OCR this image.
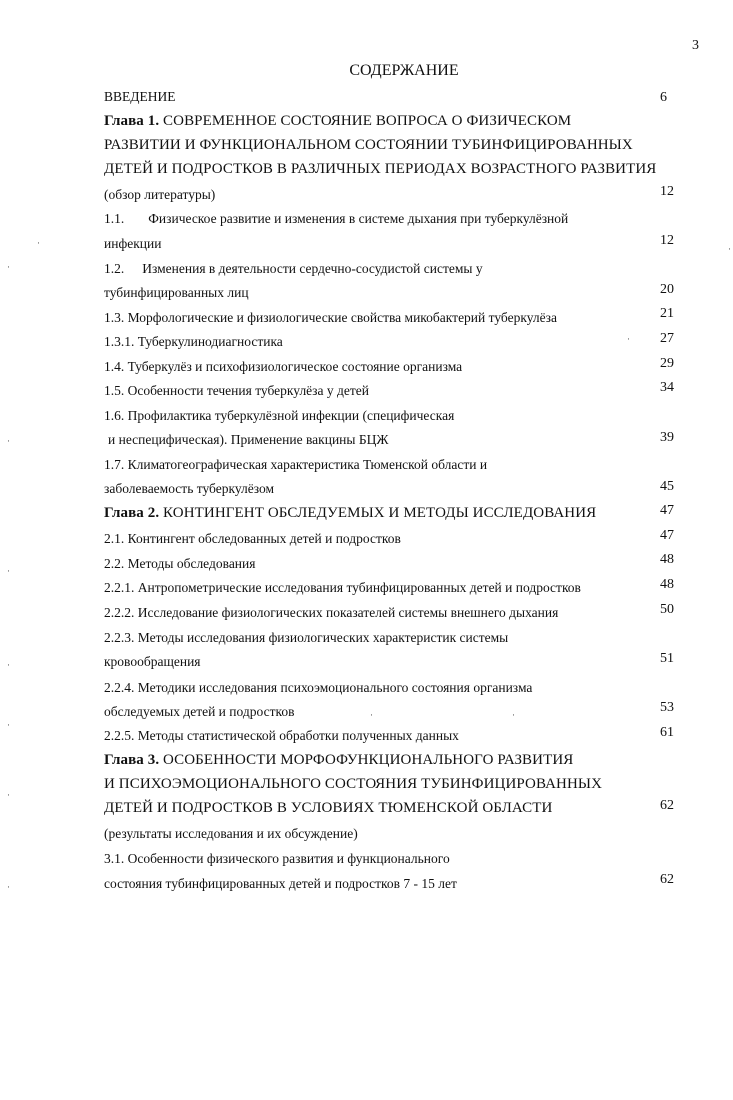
3
СОДЕРЖАНИЕ
ВВЕДЕНИЕ	6
Глава 1. СОВРЕМЕННОЕ СОСТОЯНИЕ ВОПРОСА О ФИЗИЧЕСКОМ
РАЗВИТИИ И ФУНКЦИОНАЛЬНОМ СОСТОЯНИИ ТУБИНФИЦИРОВАННЫХ
ДЕТЕЙ И ПОДРОСТКОВ В РАЗЛИЧНЫХ ПЕРИОДАХ ВОЗРАСТНОГО РАЗВИТИЯ
(обзор литературы)	12
1.1. Физическое развитие и изменения в системе дыхания при туберкулёзной
инфекции	12
1.2. Изменения в деятельности сердечно-сосудистой системы у
тубинфицированных лиц	20
1.3. Морфологические и физиологические свойства микобактерий туберкулёза	21
1.3.1. Туберкулинодиагностика	27
1.4. Туберкулёз и психофизиологическое состояние организма	29
1.5. Особенности течения туберкулёза у детей	34
1.6. Профилактика туберкулёзной инфекции (специфическая
и неспецифическая). Применение вакцины БЦЖ	39
1.7. Климатогеографическая характеристика Тюменской области и
заболеваемость туберкулёзом	45
Глава 2. КОНТИНГЕНТ ОБСЛЕДУЕМЫХ И МЕТОДЫ ИССЛЕДОВАНИЯ	47
2.1. Контингент обследованных детей и подростков	47
2.2. Методы обследования	48
2.2.1. Антропометрические исследования тубинфицированных детей и подростков	48
2.2.2. Исследование физиологических показателей системы внешнего дыхания	50
2.2.3. Методы исследования физиологических характеристик системы
кровообращения	51
2.2.4. Методики исследования психоэмоционального состояния организма
обследуемых детей и подростков	53
2.2.5. Методы статистической обработки полученных данных	61
Глава 3. ОСОБЕННОСТИ МОРФОФУНКЦИОНАЛЬНОГО РАЗВИТИЯ
И ПСИХОЭМОЦИОНАЛЬНОГО СОСТОЯНИЯ ТУБИНФИЦИРОВАННЫХ
ДЕТЕЙ И ПОДРОСТКОВ В УСЛОВИЯХ ТЮМЕНСКОЙ ОБЛАСТИ	62
(результаты исследования и их обсуждение)
3.1. Особенности физического развития и функционального
состояния тубинфицированных детей и подростков 7 - 15 лет	62
·
·
·
·
·
·
·
·
·
·
·	·
